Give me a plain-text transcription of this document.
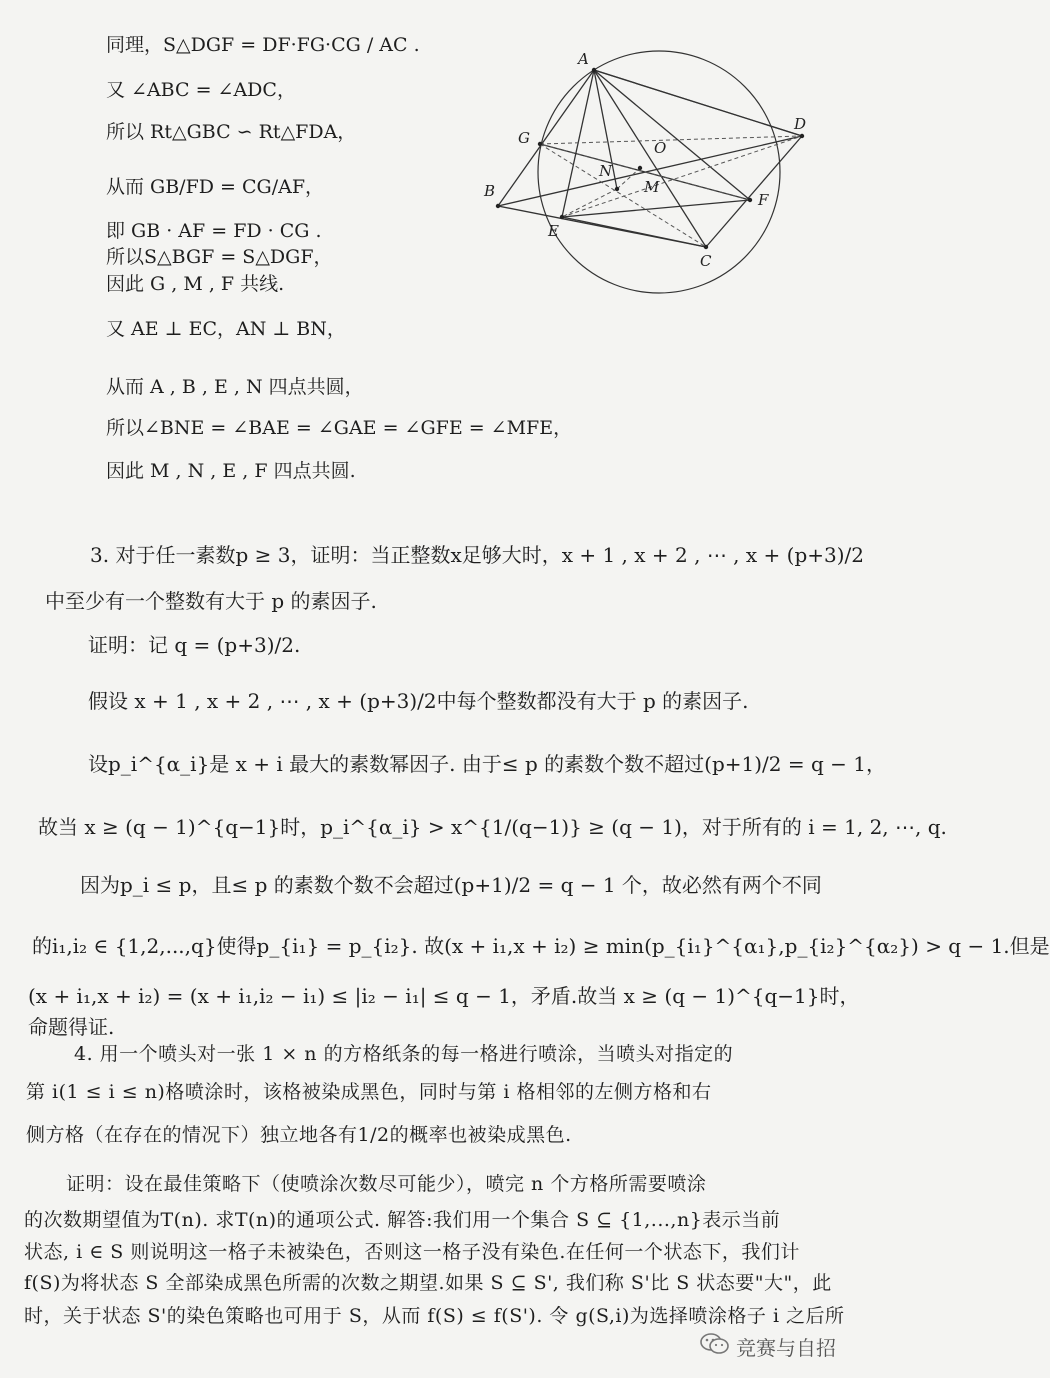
同理，S△DGF = DF·FG·CG / AC .
又 ∠ABC = ∠ADC，
所以 Rt△GBC ∽ Rt△FDA，
从而 GB/FD = CG/AF，
即 GB · AF = FD · CG .
所以S△BGF = S△DGF，
因此 G , M , F 共线.
又 AE ⊥ EC，AN ⊥ BN，
从而 A , B , E , N 四点共圆，
所以∠BNE = ∠BAE = ∠GAE = ∠GFE = ∠MFE，
因此 M , N , E , F 四点共圆.
A
D
G
O
N
M
B	F
E
C
3. 对于任一素数p ≥ 3，证明：当正整数x足够大时，x + 1 , x + 2 , ⋯ , x + (p+3)/2
中至少有一个整数有大于 p 的素因子.
证明：记 q = (p+3)/2.
假设 x + 1 , x + 2 , ⋯ , x + (p+3)/2中每个整数都没有大于 p 的素因子.
设p_i^{α_i}是 x + i 最大的素数幂因子. 由于≤ p 的素数个数不超过(p+1)/2 = q − 1，
故当 x ≥ (q − 1)^{q−1}时，p_i^{α_i} > x^{1/(q−1)} ≥ (q − 1)，对于所有的 i = 1, 2, ⋯, q.
因为p_i ≤ p，且≤ p 的素数个数不会超过(p+1)/2 = q − 1 个，故必然有两个不同
的i₁,i₂ ∈ {1,2,...,q}使得p_{i₁} = p_{i₂}. 故(x + i₁,x + i₂) ≥ min(p_{i₁}^{α₁},p_{i₂}^{α₂}) > q − 1.但是
(x + i₁,x + i₂) = (x + i₁,i₂ − i₁) ≤ |i₂ − i₁| ≤ q − 1，矛盾.故当 x ≥ (q − 1)^{q−1}时，
命题得证.
4. 用一个喷头对一张 1 × n 的方格纸条的每一格进行喷涂，当喷头对指定的
第 i(1 ≤ i ≤ n)格喷涂时，该格被染成黑色，同时与第 i 格相邻的左侧方格和右
侧方格（在存在的情况下）独立地各有1/2的概率也被染成黑色.
证明：设在最佳策略下（使喷涂次数尽可能少），喷完 n 个方格所需要喷涂
的次数期望值为T(n). 求T(n)的通项公式. 解答:我们用一个集合 S ⊆ {1,...,n}表示当前
状态, i ∈ S 则说明这一格子未被染色，否则这一格子没有染色.在任何一个状态下，我们计
f(S)为将状态 S 全部染成黑色所需的次数之期望.如果 S ⊆ S', 我们称 S'比 S 状态要"大"，此
时，关于状态 S'的染色策略也可用于 S，从而 f(S) ≤ f(S'). 令 g(S,i)为选择喷涂格子 i 之后所
竞赛与自招
